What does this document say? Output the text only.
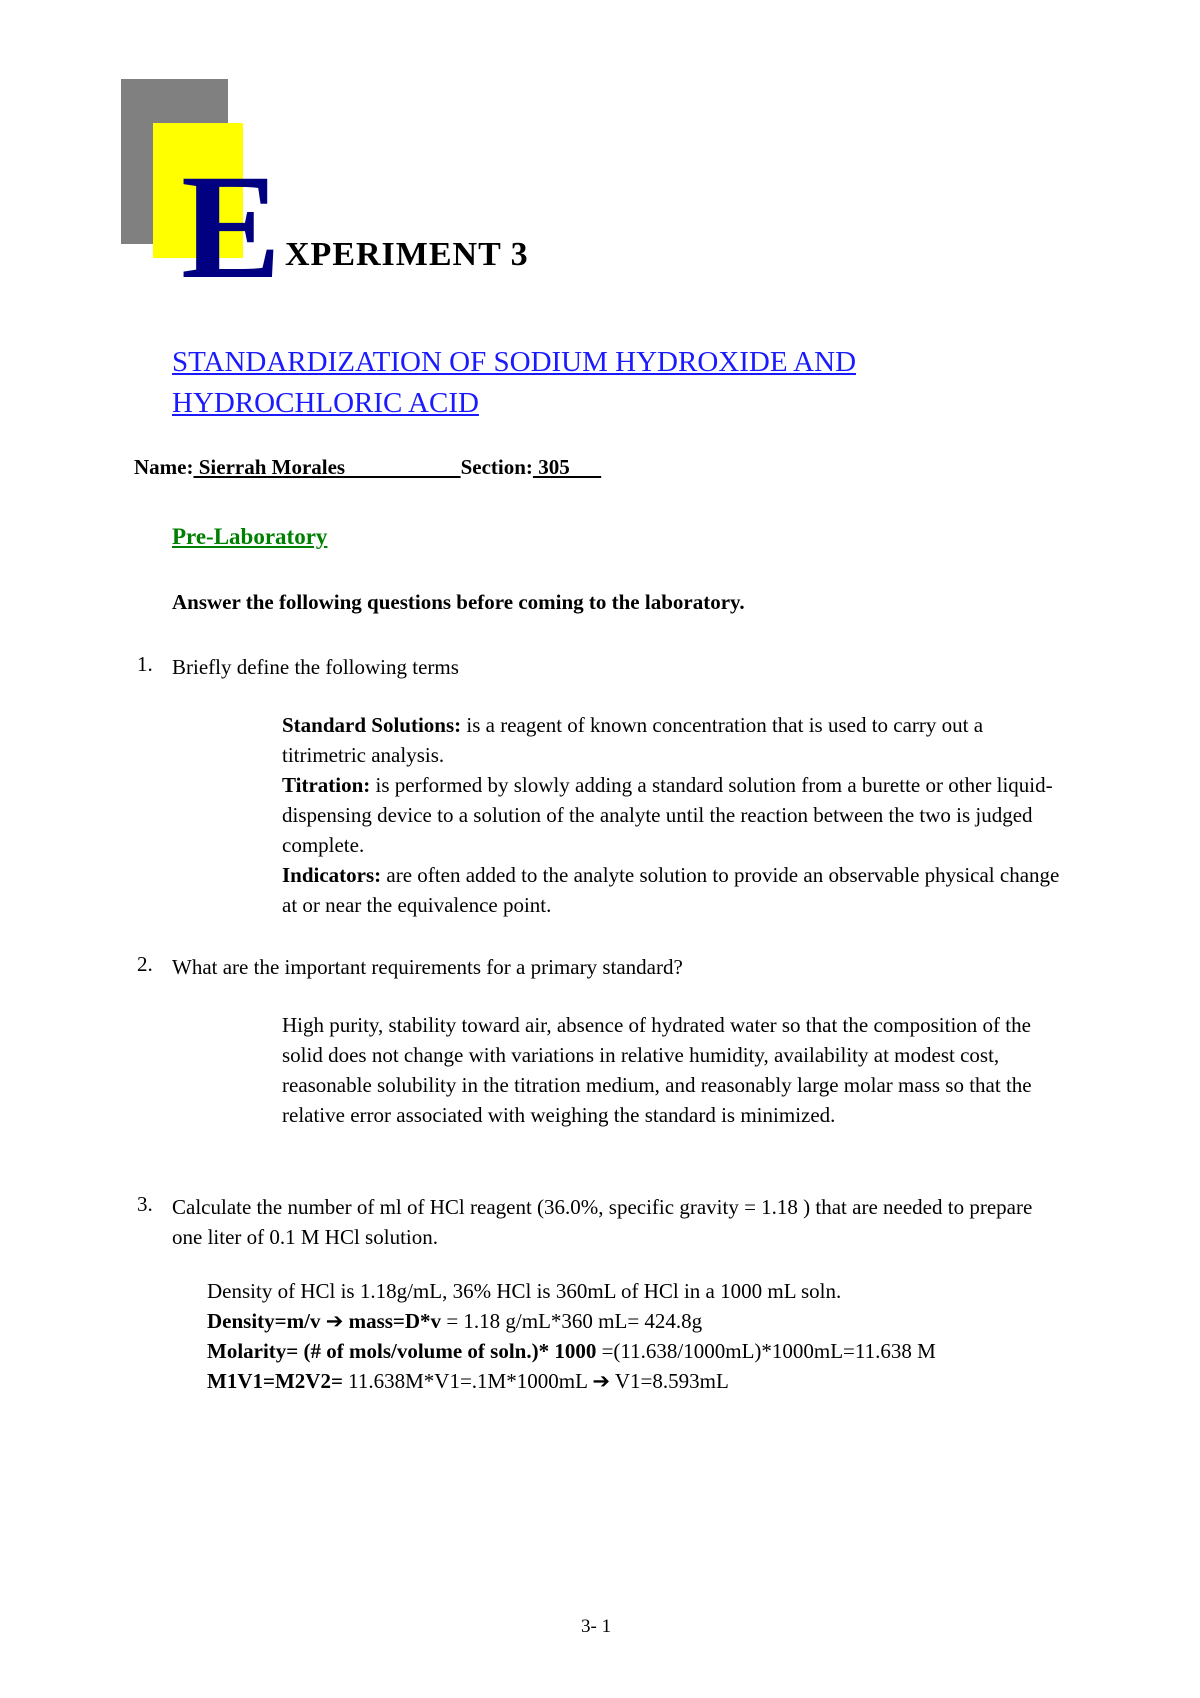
E XPERIMENT 3
STANDARDIZATION OF SODIUM HYDROXIDE AND HYDROCHLORIC ACID
Name: Sierrah Morales                      Section: 305
Pre-Laboratory
Answer the following questions before coming to the laboratory.
1. Briefly define the following terms

Standard Solutions: is a reagent of known concentration that is used to carry out a titrimetric analysis.

Titration: is performed by slowly adding a standard solution from a burette or other liquid-dispensing device to a solution of the analyte until the reaction between the two is judged complete.

Indicators: are often added to the analyte solution to provide an observable physical change at or near the equivalence point.

2. What are the important requirements for a primary standard?
High purity, stability toward air, absence of hydrated water so that the composition of the solid does not change with variations in relative humidity, availability at modest cost, reasonable solubility in the titration medium, and reasonably large molar mass so that the relative error associated with weighing the standard is minimized.
3. Calculate the number of ml of HCl reagent (36.0%, specific gravity = 1.18 ) that are needed to prepare one liter of 0.1 M HCl solution.

Density of HCl is 1.18g/mL, 36% HCl is 360mL of HCl in a 1000 mL soln.

Density=m/v ➔ mass=D*v = 1.18 g/mL*360 mL= 424.8g

Molarity= (# of mols/volume of soln.)* 1000 =(11.638/1000mL)*1000mL=11.638 M

M1V1=M2V2= 11.638M*V1=.1M*1000mL ➔ V1=8.593mL

3- 1
